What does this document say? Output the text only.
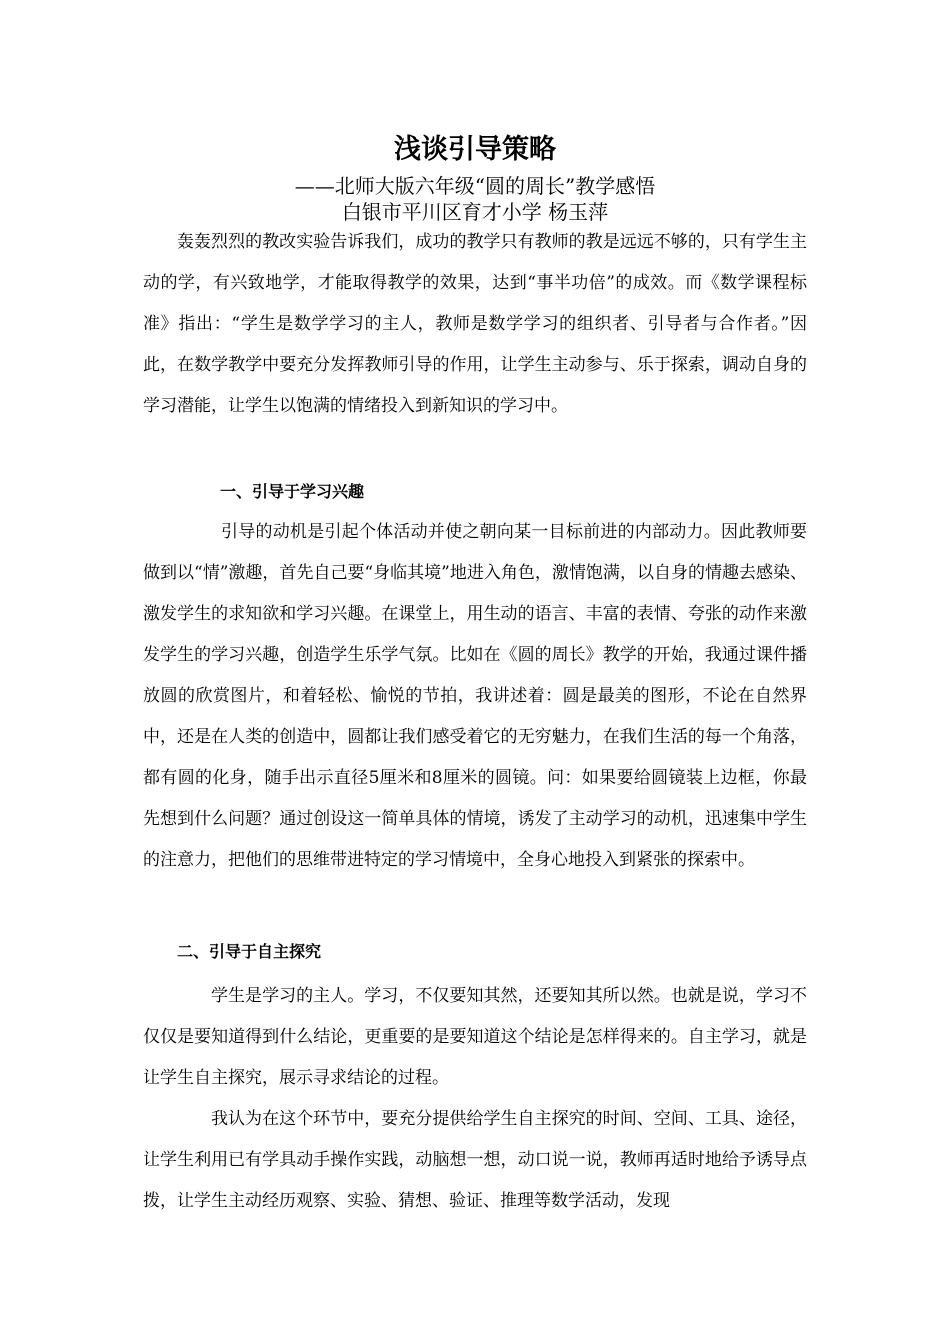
浅谈引导策略
——北师大版六年级“圆的周长”教学感悟
白银市平川区育才小学 杨玉萍
轰轰烈烈的教改实验告诉我们，成功的教学只有教师的教是远远不够的，只有学生主动的学，有兴致地学，才能取得教学的效果，达到“事半功倍”的成效。而《数学课程标准》指出：“学生是数学学习的主人，教师是数学学习的组织者、引导者与合作者。”因此，在数学教学中要充分发挥教师引导的作用，让学生主动参与、乐于探索，调动自身的学习潜能，让学生以饱满的情绪投入到新知识的学习中。
一、引导于学习兴趣
引导的动机是引起个体活动并使之朝向某一目标前进的内部动力。因此教师要做到以“情”激趣，首先自己要“身临其境”地进入角色，激情饱满，以自身的情趣去感染、激发学生的求知欲和学习兴趣。在课堂上，用生动的语言、丰富的表情、夸张的动作来激发学生的学习兴趣，创造学生乐学气氛。比如在《圆的周长》教学的开始，我通过课件播放圆的欣赏图片，和着轻松、愉悦的节拍，我讲述着：圆是最美的图形，不论在自然界中，还是在人类的创造中，圆都让我们感受着它的无穷魅力，在我们生活的每一个角落，都有圆的化身，随手出示直径5厘米和8厘米的圆镜。问：如果要给圆镜装上边框，你最先想到什么问题？通过创设这一简单具体的情境，诱发了主动学习的动机，迅速集中学生的注意力，把他们的思维带进特定的学习情境中，全身心地投入到紧张的探索中。
二、引导于自主探究
学生是学习的主人。学习，不仅要知其然，还要知其所以然。也就是说，学习不仅仅是要知道得到什么结论，更重要的是要知道这个结论是怎样得来的。自主学习，就是让学生自主探究，展示寻求结论的过程。
我认为在这个环节中，要充分提供给学生自主探究的时间、空间、工具、途径，让学生利用已有学具动手操作实践，动脑想一想，动口说一说，教师再适时地给予诱导点拨，让学生主动经历观察、实验、猜想、验证、推理等数学活动，发现
